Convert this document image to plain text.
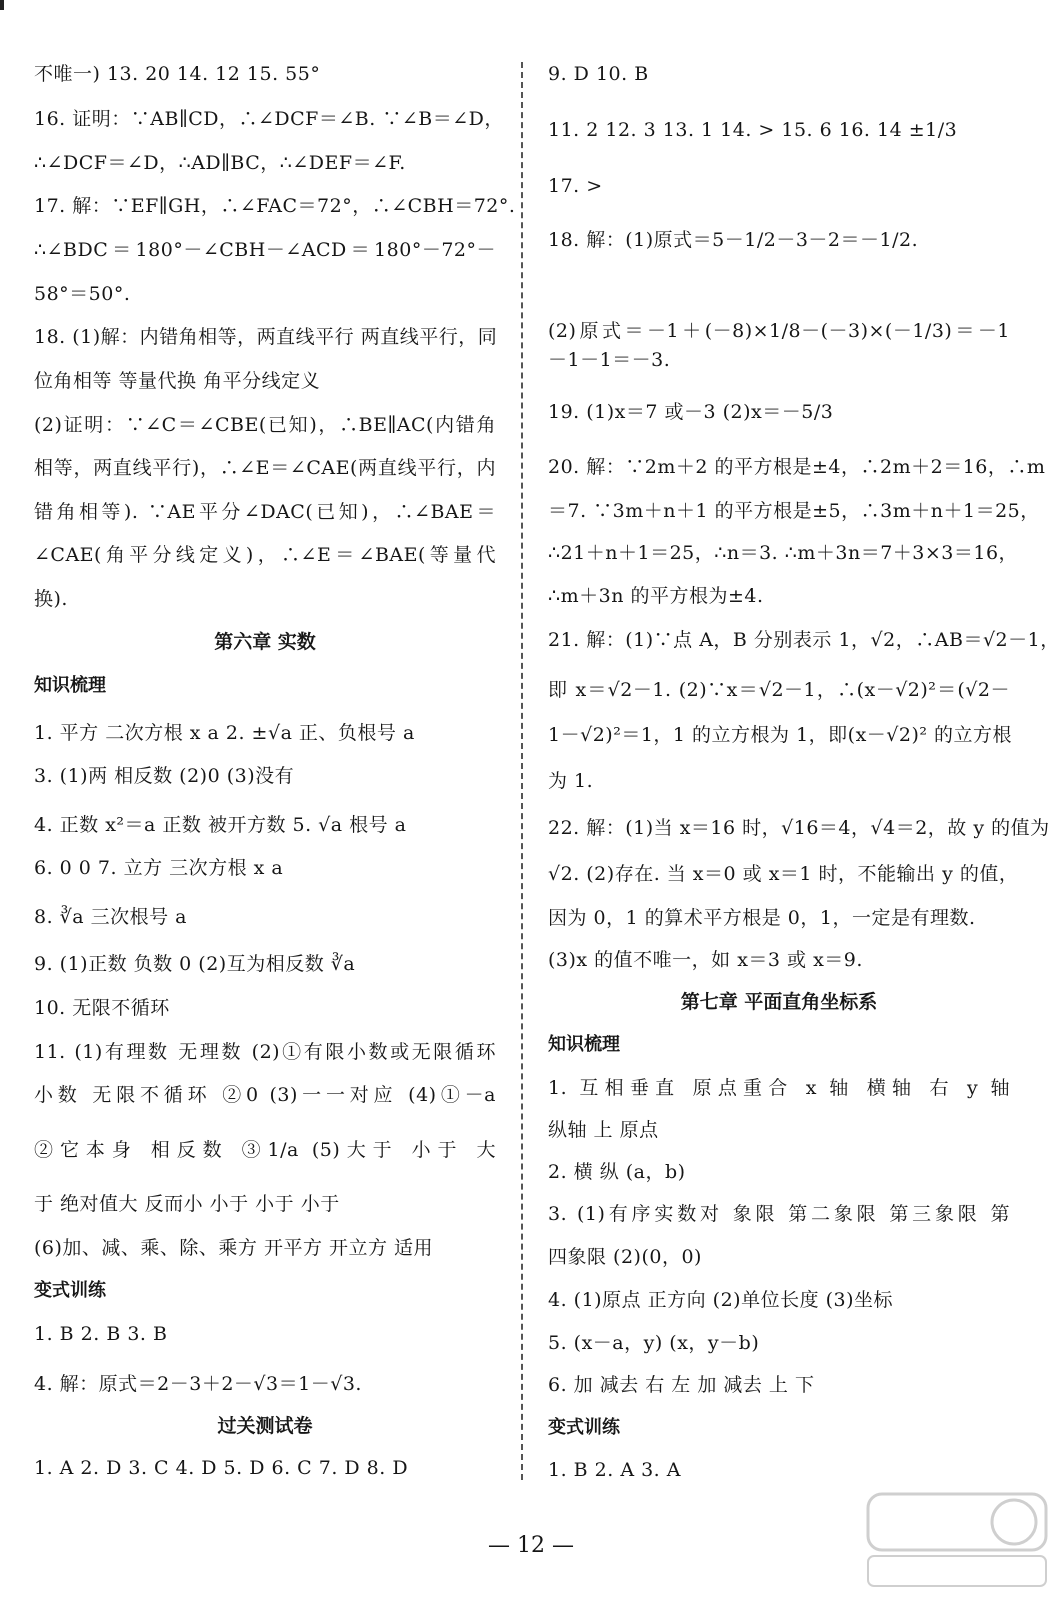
不唯一) 13. 20 14. 12 15. 55°
16. 证明：∵AB∥CD，∴∠DCF＝∠B. ∵∠B＝∠D，
∴∠DCF＝∠D，∴AD∥BC，∴∠DEF＝∠F.
17. 解：∵EF∥GH，∴∠FAC＝72°，∴∠CBH＝72°.
∴∠BDC＝180°－∠CBH－∠ACD＝180°－72°－
58°＝50°.
18. (1)解：内错角相等，两直线平行 两直线平行，同
位角相等 等量代换 角平分线定义
(2)证明：∵∠C＝∠CBE(已知)，∴BE∥AC(内错角
相等，两直线平行)，∴∠E＝∠CAE(两直线平行，内
错角相等). ∵AE平分∠DAC(已知)，∴∠BAE＝
∠CAE(角平分线定义)，∴∠E＝∠BAE(等量代
换).
第六章 实数
知识梳理
1. 平方 二次方根 x a 2. ±√a 正、负根号 a
3. (1)两 相反数 (2)0 (3)没有
4. 正数 x²＝a 正数 被开方数 5. √a 根号 a
6. 0 0 7. 立方 三次方根 x a
8. ∛a 三次根号 a
9. (1)正数 负数 0 (2)互为相反数 ∛a
10. 无限不循环
11. (1)有理数 无理数 (2)①有限小数或无限循环
小数 无限不循环 ②0 (3)一一对应 (4)①－a
②它本身 相反数 ③1/a (5)大于 小于 大
于 绝对值大 反而小 小于 小于 小于
(6)加、减、乘、除、乘方 开平方 开立方 适用
变式训练
1. B 2. B 3. B
4. 解：原式＝2－3＋2－√3＝1－√3.
过关测试卷
1. A 2. D 3. C 4. D 5. D 6. C 7. D 8. D
9. D 10. B
11. 2 12. 3 13. 1 14. > 15. 6 16. 14 ±1/3
17. >
18. 解：(1)原式＝5－1/2－3－2＝－1/2.
(2)原式＝－1＋(－8)×1/8－(－3)×(－1/3)＝－1
－1－1＝－3.
19. (1)x＝7 或－3 (2)x＝－5/3
20. 解：∵2m＋2 的平方根是±4，∴2m＋2＝16，∴m
＝7. ∵3m＋n＋1 的平方根是±5，∴3m＋n＋1＝25，
∴21＋n＋1＝25，∴n＝3. ∴m＋3n＝7＋3×3＝16，
∴m＋3n 的平方根为±4.
21. 解：(1)∵点 A，B 分别表示 1，√2，∴AB＝√2－1，
即 x＝√2－1. (2)∵x＝√2－1，∴(x－√2)²＝(√2－
1－√2)²＝1，1 的立方根为 1，即(x－√2)² 的立方根
为 1.
22. 解：(1)当 x＝16 时，√16＝4，√4＝2，故 y 的值为
√2. (2)存在. 当 x＝0 或 x＝1 时，不能输出 y 的值，
因为 0，1 的算术平方根是 0，1，一定是有理数.
(3)x 的值不唯一，如 x＝3 或 x＝9.
第七章 平面直角坐标系
知识梳理
1. 互相垂直 原点重合 x 轴 横轴 右 y 轴
纵轴 上 原点
2. 横 纵 (a，b)
3. (1)有序实数对 象限 第二象限 第三象限 第
四象限 (2)(0，0)
4. (1)原点 正方向 (2)单位长度 (3)坐标
5. (x－a，y) (x，y－b)
6. 加 减去 右 左 加 减去 上 下
变式训练
1. B 2. A 3. A
— 12 —
